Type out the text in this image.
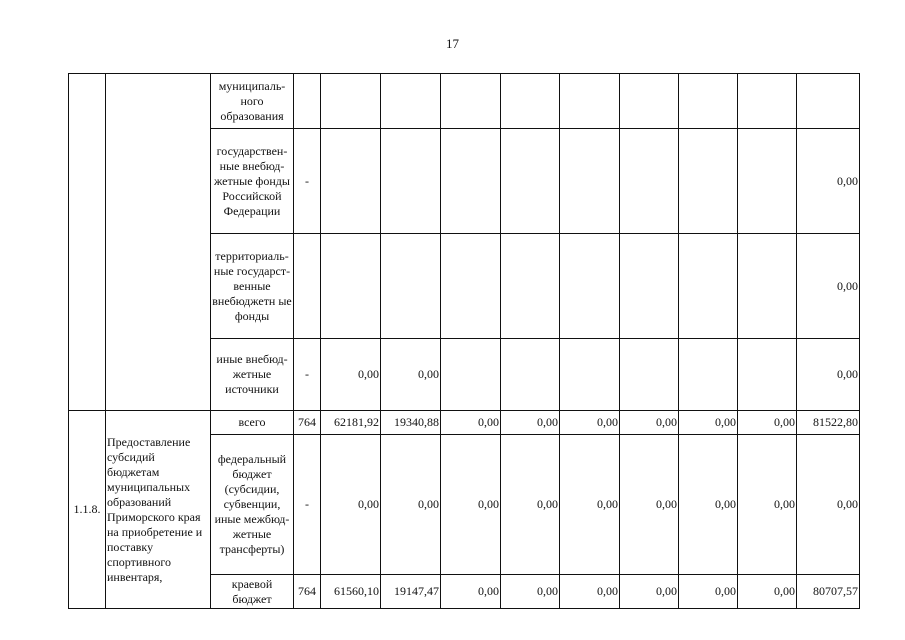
17
		муниципаль-ного образования										
		государствен-ные внебюд-жетные фонды Российской Федерации	-									0,00
		территориаль-ные государст-венные внебюджетн ые фонды										0,00
		иные внебюд-жетные источники	-	0,00	0,00							0,00
1.1.8.	Предоставление субсидий бюджетам муниципальных образований Приморского края на приобретение и поставку спортивного инвентаря,	всего	764	62181,92	19340,88	0,00	0,00	0,00	0,00	0,00	0,00	81522,80
		федеральный бюджет (субсидии, субвенции, иные межбюд-жетные трансферты)	-	0,00	0,00	0,00	0,00	0,00	0,00	0,00	0,00	0,00
		краевой бюджет	764	61560,10	19147,47	0,00	0,00	0,00	0,00	0,00	0,00	80707,57
